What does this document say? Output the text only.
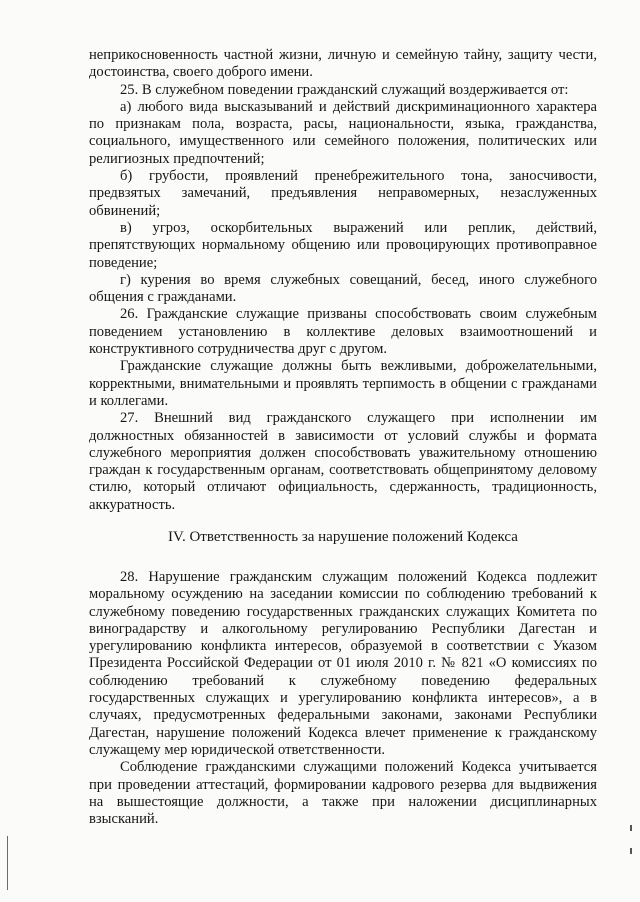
неприкосновенность частной жизни, личную и семейную тайну, защиту чести, достоинства, своего доброго имени.

25. В служебном поведении гражданский служащий воздерживается от:

а) любого вида высказываний и действий дискриминационного характера по признакам пола, возраста, расы, национальности, языка, гражданства, социального, имущественного или семейного положения, политических или религиозных предпочтений;

б) грубости, проявлений пренебрежительного тона, заносчивости, предвзятых замечаний, предъявления неправомерных, незаслуженных обвинений;

в) угроз, оскорбительных выражений или реплик, действий, препятствующих нормальному общению или провоцирующих противоправное поведение;

г) курения во время служебных совещаний, бесед, иного служебного общения с гражданами.

26. Гражданские служащие призваны способствовать своим служебным поведением установлению в коллективе деловых взаимоотношений и конструктивного сотрудничества друг с другом.

Гражданские служащие должны быть вежливыми, доброжелательными, корректными, внимательными и проявлять терпимость в общении с гражданами и коллегами.

27. Внешний вид гражданского служащего при исполнении им должностных обязанностей в зависимости от условий службы и формата служебного мероприятия должен способствовать уважительному отношению граждан к государственным органам, соответствовать общепринятому деловому стилю, который отличают официальность, сдержанность, традиционность, аккуратность.

IV. Ответственность за нарушение положений Кодекса

28. Нарушение гражданским служащим положений Кодекса подлежит моральному осуждению на заседании комиссии по соблюдению требований к служебному поведению государственных гражданских служащих Комитета по виноградарству и алкогольному регулированию Республики Дагестан и урегулированию конфликта интересов, образуемой в соответствии с Указом Президента Российской Федерации от 01 июля 2010 г. № 821 «О комиссиях по соблюдению требований к служебному поведению федеральных государственных служащих и урегулированию конфликта интересов», а в случаях, предусмотренных федеральными законами, законами Республики Дагестан, нарушение положений Кодекса влечет применение к гражданскому служащему мер юридической ответственности.

Соблюдение гражданскими служащими положений Кодекса учитывается при проведении аттестаций, формировании кадрового резерва для выдвижения на вышестоящие должности, а также при наложении дисциплинарных взысканий.
